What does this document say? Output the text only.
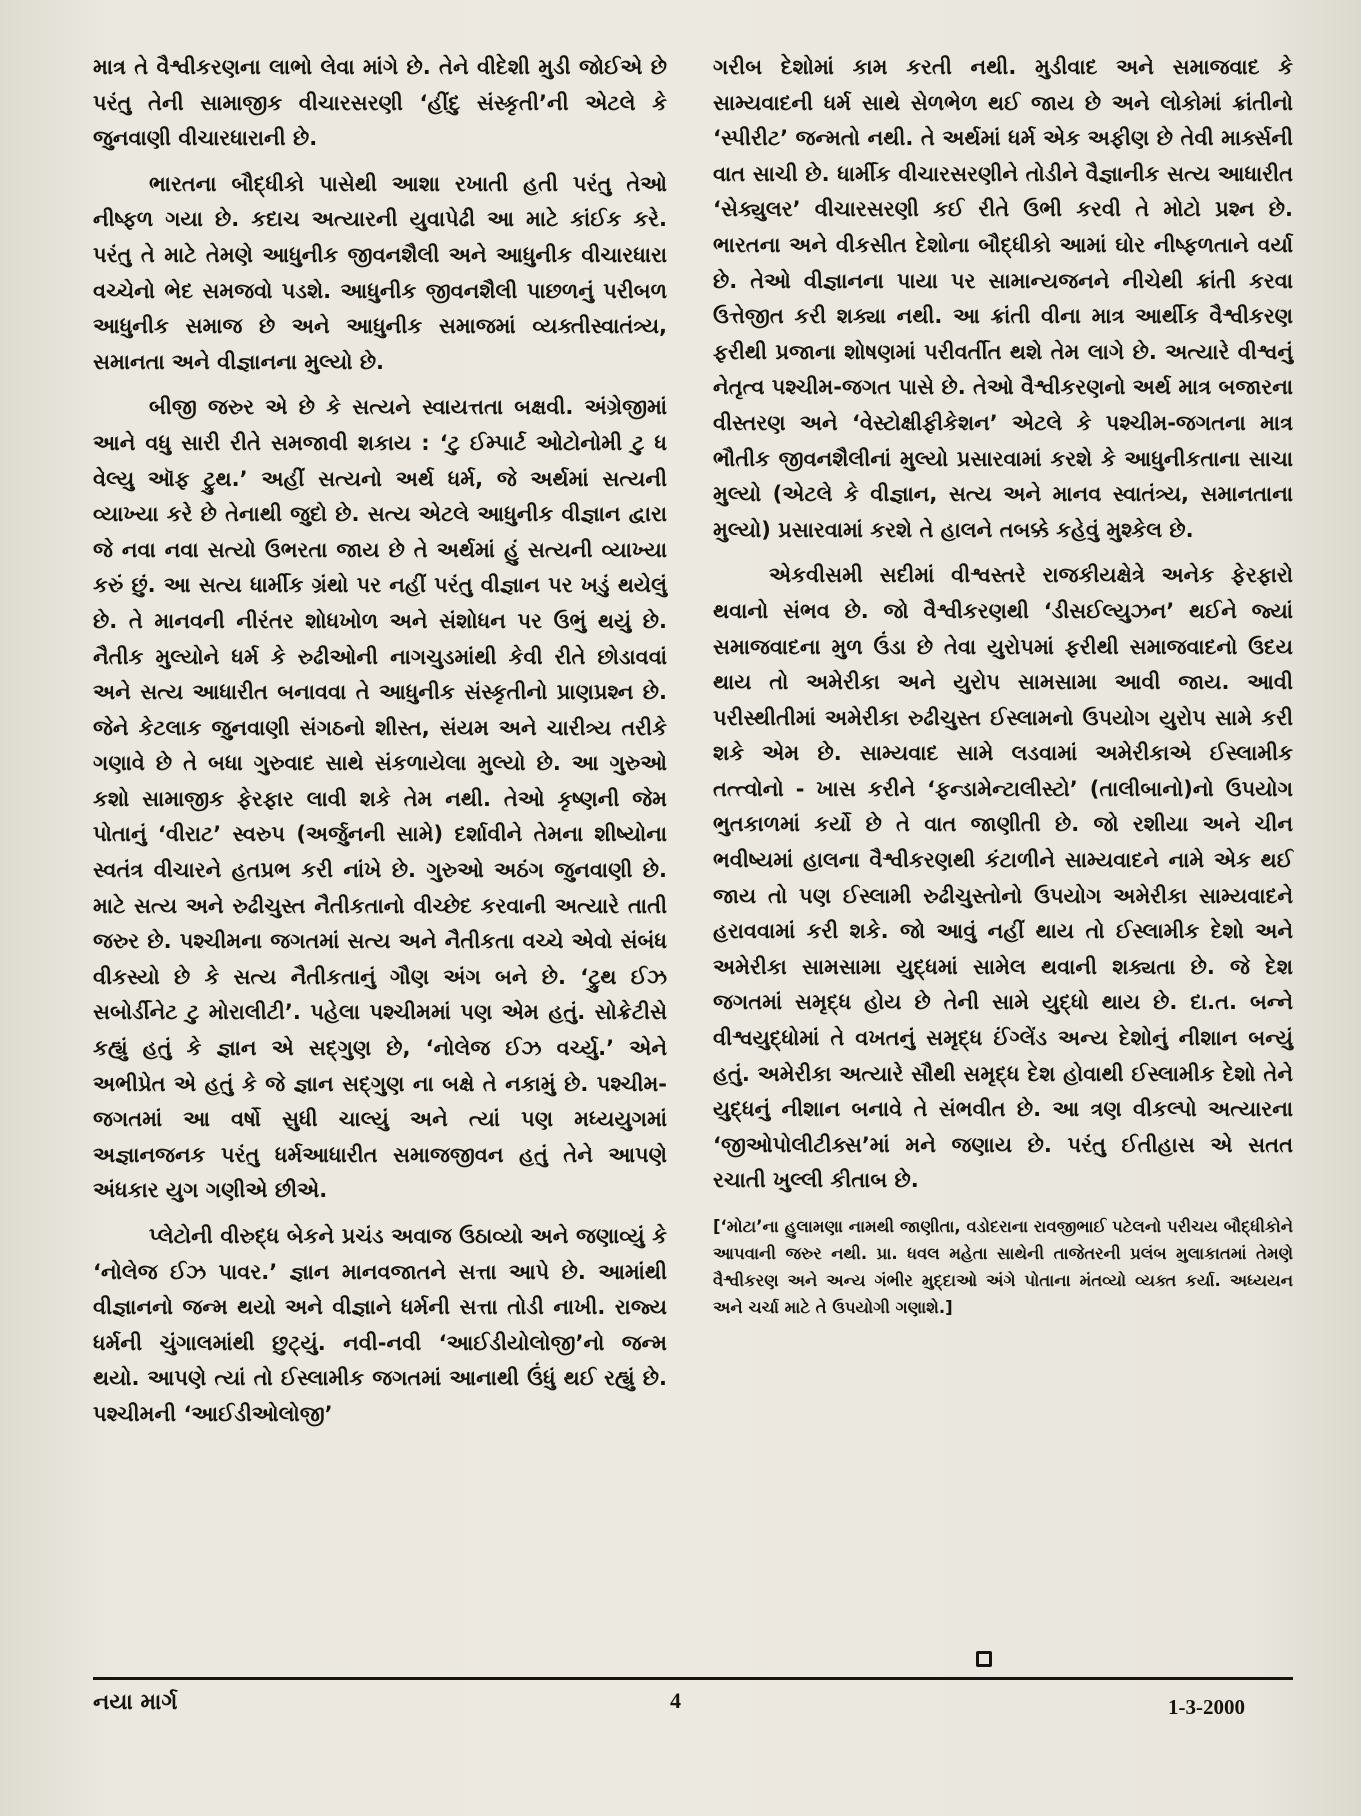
માત્ર તે વૈશ્વીકરણના લાભો લેવા માંગે છે. તેને વીદેશી મુડી જોઈએ છે પરંતુ તેની સામાજીક વીચારસરણી ‘હીંદુ સંસ્કૃતી’ની એટલે કે જુનવાણી વીચારધારાની છે.

ભારતના બૌદ્ધીકો પાસેથી આશા રખાતી હતી પરંતુ તેઓ નીષ્ફળ ગયા છે. કદાચ અત્યારની યુવાપેઢી આ માટે કાંઈક કરે. પરંતુ તે માટે તેમણે આધુનીક જીવનશૈલી અને આધુનીક વીચારધારા વચ્ચેનો ભેદ સમજવો પડશે. આધુનીક જીવનશૈલી પાછળનું પરીબળ આધુનીક સમાજ છે અને આધુનીક સમાજમાં વ્યક્તીસ્વાતંત્ર્ય, સમાનતા અને વીજ્ઞાનના મુલ્યો છે.

બીજી જરુર એ છે કે સત્યને સ્વાયત્તતા બક્ષવી. અંગ્રેજીમાં આને વધુ સારી રીતે સમજાવી શકાય : ‘ટુ ઈમ્પાર્ટ ઓટોનોમી ટુ ધ વેલ્યુ ઑફ ટ્રુથ.’ અહીં સત્યનો અર્થ ધર્મ, જે અર્થમાં સત્યની વ્યાખ્યા કરે છે તેનાથી જુદો છે. સત્ય એટલે આધુનીક વીજ્ઞાન દ્વારા જે નવા નવા સત્યો ઉભરતા જાય છે તે અર્થમાં હું સત્યની વ્યાખ્યા કરું છું. આ સત્ય ધાર્મીક ગ્રંથો પર નહીં પરંતુ વીજ્ઞાન પર ખડું થયેલું છે. તે માનવની નીરંતર શોધખોળ અને સંશોધન પર ઉભું થયું છે. નૈતીક મુલ્યોને ધર્મ કે રુઢીઓની નાગચુડમાંથી કેવી રીતે છોડાવવાં અને સત્ય આધારીત બનાવવા તે આધુનીક સંસ્કૃતીનો પ્રાણપ્રશ્ન છે. જેને કેટલાક જુનવાણી સંગઠનો શીસ્ત, સંયમ અને ચારીત્ર્ય તરીકે ગણાવે છે તે બધા ગુરુવાદ સાથે સંકળાયેલા મુલ્યો છે. આ ગુરુઓ કશો સામાજીક ફેરફાર લાવી શકે તેમ નથી. તેઓ કૃષ્ણની જેમ પોતાનું ‘વીરાટ’ સ્વરુપ (અર્જુનની સામે) દર્શાવીને તેમના શીષ્યોના સ્વતંત્ર વીચારને હતપ્રભ કરી નાંખે છે. ગુરુઓ અઠંગ જુનવાણી છે. માટે સત્ય અને રુઢીચુસ્ત નૈતીકતાનો વીચ્છેદ કરવાની અત્યારે તાતી જરુર છે. પશ્ચીમના જગતમાં સત્ય અને નૈતીકતા વચ્ચે એવો સંબંધ વીકસ્યો છે કે સત્ય નૈતીકતાનું ગૌણ અંગ બને છે. ‘ટ્રુથ ઈઝ સબોર્ડીનેટ ટુ મોરાલીટી’. પહેલા પશ્ચીમમાં પણ એમ હતું. સોક્રેટીસે કહ્યું હતું કે જ્ઞાન એ સદ્ગુણ છે, ‘નોલેજ ઈઝ વર્ચ્યુ.’ એને અભીપ્રેત એ હતું કે જે જ્ઞાન સદ્ગુણ ના બક્ષે તે નકામું છે. પશ્ચીમ-જગતમાં આ વર્ષો સુધી ચાલ્યું અને ત્યાં પણ મધ્યયુગમાં અજ્ઞાનજનક પરંતુ ધર્મઆધારીત સમાજજીવન હતું તેને આપણે અંધકાર યુગ ગણીએ છીએ.

પ્લેટોની વીરુદ્ધ બેકને પ્રચંડ અવાજ ઉઠાવ્યો અને જણાવ્યું કે ‘નોલેજ ઈઝ પાવર.’ જ્ઞાન માનવજાતને સત્તા આપે છે. આમાંથી વીજ્ઞાનનો જન્મ થયો અને વીજ્ઞાને ધર્મની સત્તા તોડી નાખી. રાજ્ય ધર્મની ચુંગાલમાંથી છુટ્યું. નવી-નવી ‘આઈડીયોલોજી’નો જન્મ થયો. આપણે ત્યાં તો ઈસ્લામીક જગતમાં આનાથી ઉંધું થઈ રહ્યું છે. પશ્ચીમની ‘આઈડીઓલોજી’

ગરીબ દેશોમાં કામ કરતી નથી. મુડીવાદ અને સમાજવાદ કે સામ્યવાદની ધર્મ સાથે સેળભેળ થઈ જાય છે અને લોકોમાં ક્રાંતીનો ‘સ્પીરીટ’ જન્મતો નથી. તે અર્થમાં ધર્મ એક અફીણ છે તેવી માર્ક્સની વાત સાચી છે. ધાર્મીક વીચારસરણીને તોડીને વૈજ્ઞાનીક સત્ય આધારીત ‘સેક્યુલર’ વીચારસરણી કઈ રીતે ઉભી કરવી તે મોટો પ્રશ્ન છે. ભારતના અને વીકસીત દેશોના બૌદ્ધીકો આમાં ઘોર નીષ્ફળતાને વર્યા છે. તેઓ વીજ્ઞાનના પાયા પર સામાન્યજનને નીચેથી ક્રાંતી કરવા ઉત્તેજીત કરી શક્યા નથી. આ ક્રાંતી વીના માત્ર આર્થીક વૈશ્વીકરણ ફરીથી પ્રજાના શોષણમાં પરીવર્તીત થશે તેમ લાગે છે. અત્યારે વીશ્વનું નેતૃત્વ પશ્ચીમ-જગત પાસે છે. તેઓ વૈશ્વીકરણનો અર્થ માત્ર બજારના વીસ્તરણ અને ‘વેસ્ટોક્ષીફીકેશન’ એટલે કે પશ્ચીમ-જગતના માત્ર ભૌતીક જીવનશૈલીનાં મુલ્યો પ્રસારવામાં કરશે કે આધુનીકતાના સાચા મુલ્યો (એટલે કે વીજ્ઞાન, સત્ય અને માનવ સ્વાતંત્ર્ય, સમાનતાના મુલ્યો) પ્રસારવામાં કરશે તે હાલને તબક્કે કહેવું મુશ્કેલ છે.

એકવીસમી સદીમાં વીશ્વસ્તરે રાજકીયક્ષેત્રે અનેક ફેરફારો થવાનો સંભવ છે. જો વૈશ્વીકરણથી ‘ડીસઈલ્યુઝન’ થઈને જ્યાં સમાજવાદના મુળ ઉંડા છે તેવા યુરોપમાં ફરીથી સમાજવાદનો ઉદય થાય તો અમેરીકા અને યુરોપ સામસામા આવી જાય. આવી પરીસ્થીતીમાં અમેરીકા રુઢીચુસ્ત ઈસ્લામનો ઉપયોગ યુરોપ સામે કરી શકે એમ છે. સામ્યવાદ સામે લડવામાં અમેરીકાએ ઈસ્લામીક તત્ત્વોનો - ખાસ કરીને ‘ફન્ડામેન્ટાલીસ્ટો’ (તાલીબાનો)નો ઉપયોગ ભુતકાળમાં કર્યો છે તે વાત જાણીતી છે. જો રશીયા અને ચીન ભવીષ્યમાં હાલના વૈશ્વીકરણથી કંટાળીને સામ્યવાદને નામે એક થઈ જાય તો પણ ઈસ્લામી રુઢીચુસ્તોનો ઉપયોગ અમેરીકા સામ્યવાદને હરાવવામાં કરી શકે. જો આવું નહીં થાય તો ઈસ્લામીક દેશો અને અમેરીકા સામસામા યુદ્ધમાં સામેલ થવાની શક્યતા છે. જે દેશ જગતમાં સમૃદ્ધ હોય છે તેની સામે યુદ્ધો થાય છે. દા.ત. બન્ને વીશ્વયુદ્ધોમાં તે વખતનું સમૃદ્ધ ઈંગ્લેંડ અન્ય દેશોનું નીશાન બન્યું હતું. અમેરીકા અત્યારે સૌથી સમૃદ્ધ દેશ હોવાથી ઈસ્લામીક દેશો તેને યુદ્ધનું નીશાન બનાવે તે સંભવીત છે. આ ત્રણ વીકલ્પો અત્યારના ‘જીઓપોલીટીક્સ’માં મને જણાય છે. પરંતુ ઈતીહાસ એ સતત રચાતી ખુલ્લી કીતાબ છે.

[‘મોટા’ના હુલામણા નામથી જાણીતા, વડોદરાના રાવજીભાઈ પટેલનો પરીચય બૌદ્ધીકોને આપવાની જરુર નથી. પ્રા. ધવલ મહેતા સાથેની તાજેતરની પ્રલંબ મુલાકાતમાં તેમણે વૈશ્વીકરણ અને અન્ય ગંભીર મુદ્દાઓ અંગે પોતાના મંતવ્યો વ્યક્ત કર્યા. અધ્યયન અને ચર્ચા માટે તે ઉપયોગી ગણાશે.]

નયા માર્ગ	4	1-3-2000
